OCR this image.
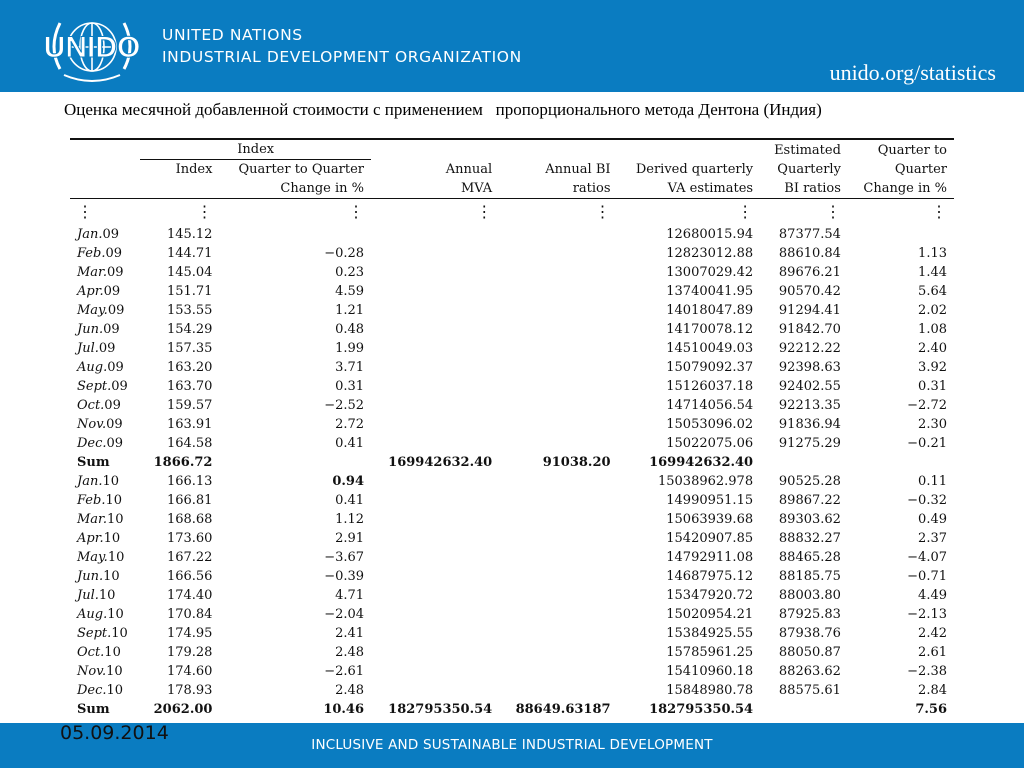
UNIDO UNITED NATIONS
INDUSTRIAL DEVELOPMENT ORGANIZATION
unido.org/statistics
Оценка месячной добавленной стоимости с применением   пропорционального метода Дентона (Индия)
	Index					Estimated	Quarter to
	Index	Quarter to Quarter	Annual	Annual BI	Derived quarterly	Quarterly	Quarter
		Change in %	MVA	ratios	VA estimates	BI ratios	Change in %
⋮	⋮	⋮	⋮	⋮	⋮	⋮	⋮
Jan.09	145.12				12680015.94	87377.54	
Feb.09	144.71	−0.28			12823012.88	88610.84	1.13
Mar.09	145.04	0.23			13007029.42	89676.21	1.44
Apr.09	151.71	4.59			13740041.95	90570.42	5.64
May.09	153.55	1.21			14018047.89	91294.41	2.02
Jun.09	154.29	0.48			14170078.12	91842.70	1.08
Jul.09	157.35	1.99			14510049.03	92212.22	2.40
Aug.09	163.20	3.71			15079092.37	92398.63	3.92
Sept.09	163.70	0.31			15126037.18	92402.55	0.31
Oct.09	159.57	−2.52			14714056.54	92213.35	−2.72
Nov.09	163.91	2.72			15053096.02	91836.94	2.30
Dec.09	164.58	0.41			15022075.06	91275.29	−0.21
Sum	1866.72		169942632.40	91038.20	169942632.40		
Jan.10	166.13	0.94			15038962.978	90525.28	0.11
Feb.10	166.81	0.41			14990951.15	89867.22	−0.32
Mar.10	168.68	1.12			15063939.68	89303.62	0.49
Apr.10	173.60	2.91			15420907.85	88832.27	2.37
May.10	167.22	−3.67			14792911.08	88465.28	−4.07
Jun.10	166.56	−0.39			14687975.12	88185.75	−0.71
Jul.10	174.40	4.71			15347920.72	88003.80	4.49
Aug.10	170.84	−2.04			15020954.21	87925.83	−2.13
Sept.10	174.95	2.41			15384925.55	87938.76	2.42
Oct.10	179.28	2.48			15785961.25	88050.87	2.61
Nov.10	174.60	−2.61			15410960.18	88263.62	−2.38
Dec.10	178.93	2.48			15848980.78	88575.61	2.84
Sum	2062.00	10.46	182795350.54	88649.63187	182795350.54		7.56
INCLUSIVE AND SUSTAINABLE INDUSTRIAL DEVELOPMENT
05.09.2014
